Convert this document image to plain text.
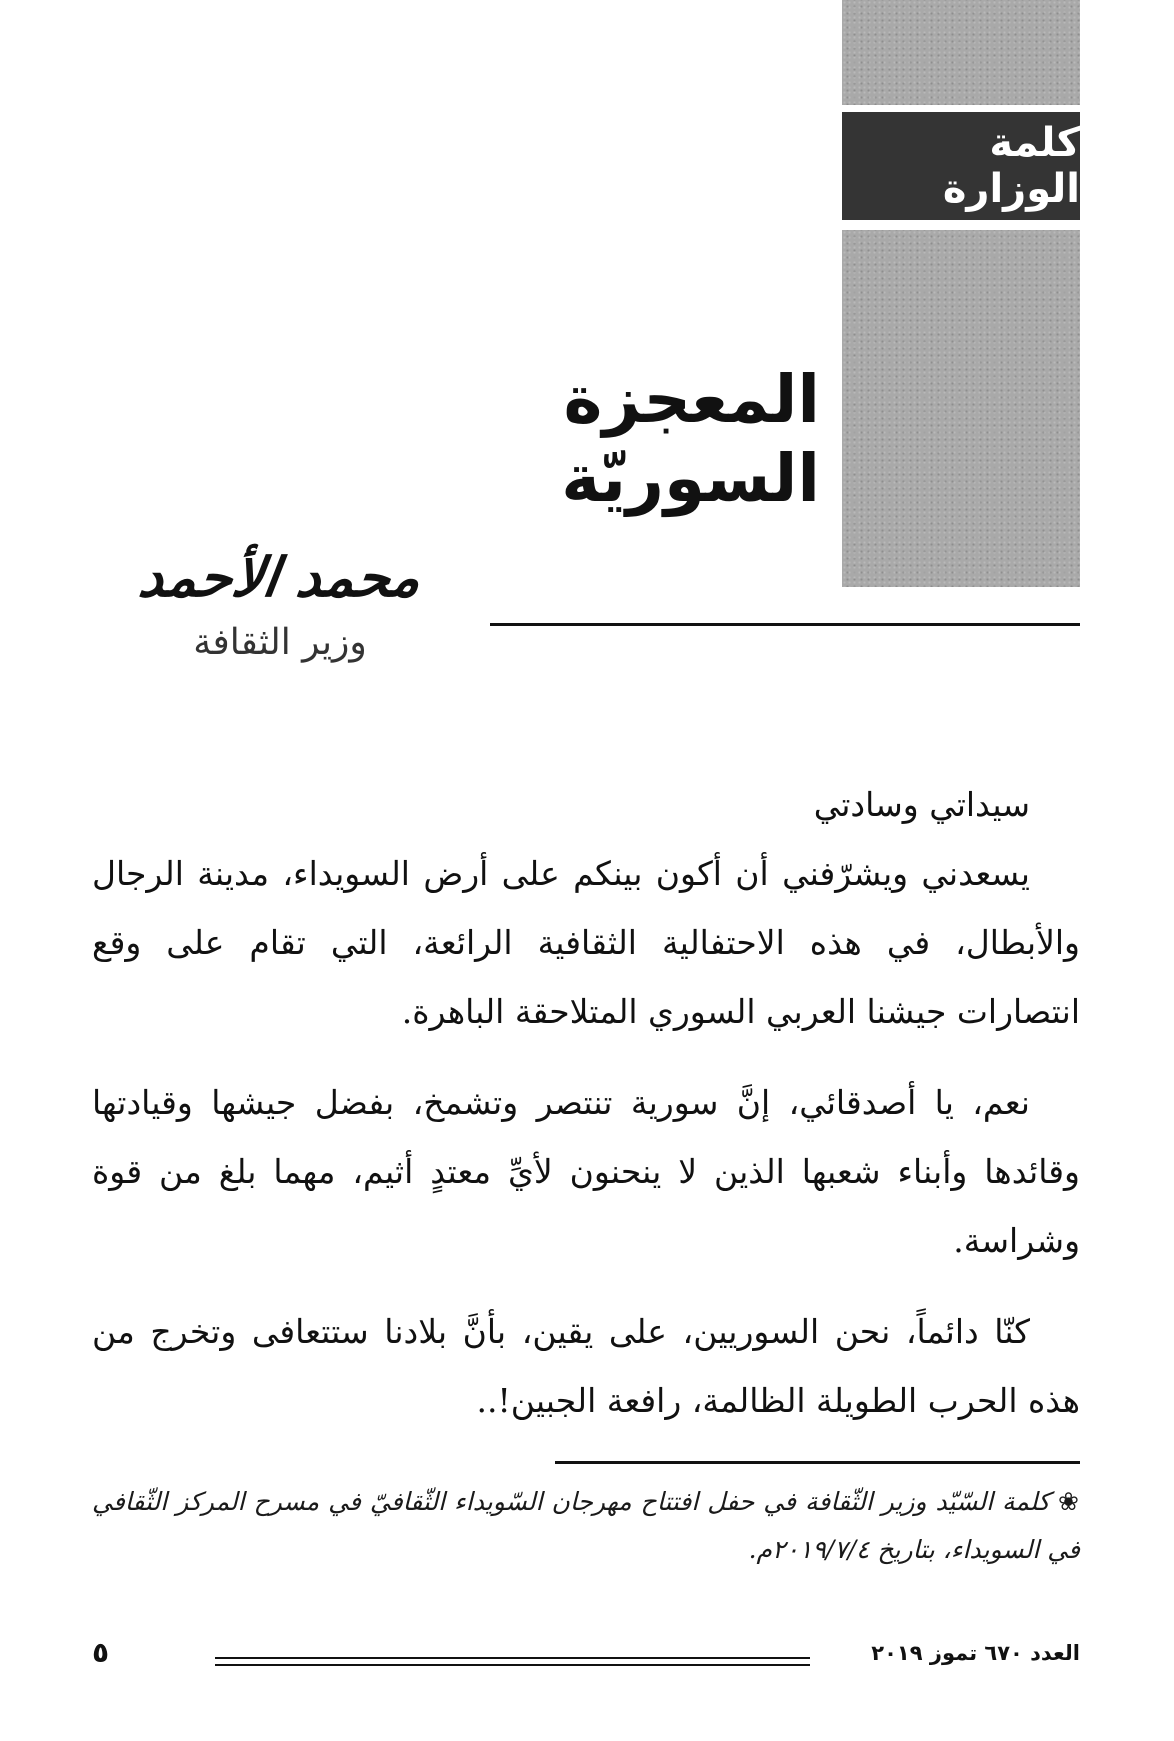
كلمة الوزارة
المعجزة السوريّة
محمد الأحمد
وزير الثقافة

سيداتي وسادتي

يسعدني ويشرّفني أن أكون بينكم على أرض السويداء، مدينة الرجال والأبطال، في هذه الاحتفالية الثقافية الرائعة، التي تقام على وقع انتصارات جيشنا العربي السوري المتلاحقة الباهرة.

نعم، يا أصدقائي، إنَّ سورية تنتصر وتشمخ، بفضل جيشها وقيادتها وقائدها وأبناء شعبها الذين لا ينحنون لأيِّ معتدٍ أثيم، مهما بلغ من قوة وشراسة.

كنّا دائماً، نحن السوريين، على يقين، بأنَّ بلادنا ستتعافى وتخرج من هذه الحرب الطويلة الظالمة، رافعة الجبين!..

❀كلمة السّيّد وزير الثّقافة في حفل افتتاح مهرجان السّويداء الثّقافيّ في مسرح المركز الثّقافي في السويداء، بتاريخ ٢٠١٩/٧/٤م.
العدد ٦٧٠ تموز ٢٠١٩
٥
